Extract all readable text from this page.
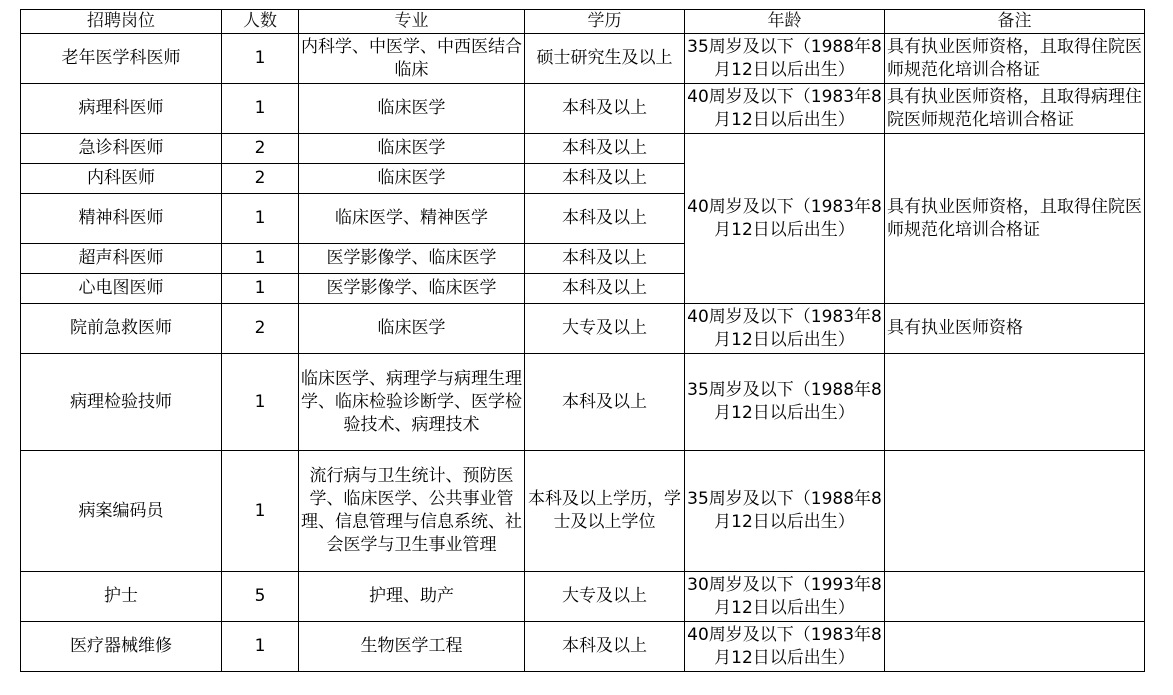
招聘岗位	人数	专业	学历	年龄	备注
老年医学科医师	1	内科学、中医学、中西医结合临床	硕士研究生及以上	35周岁及以下（1988年8月12日以后出生）	具有执业医师资格，且取得住院医师规范化培训合格证
病理科医师	1	临床医学	本科及以上	40周岁及以下（1983年8月12日以后出生）	具有执业医师资格，且取得病理住院医师规范化培训合格证
急诊科医师	2	临床医学	本科及以上	40周岁及以下（1983年8月12日以后出生）	具有执业医师资格，且取得住院医师规范化培训合格证
内科医师	2	临床医学	本科及以上		
精神科医师	1	临床医学、精神医学	本科及以上		
超声科医师	1	医学影像学、临床医学	本科及以上		
心电图医师	1	医学影像学、临床医学	本科及以上		
院前急救医师	2	临床医学	大专及以上	40周岁及以下（1983年8月12日以后出生）	具有执业医师资格
病理检验技师	1	临床医学、病理学与病理生理学、临床检验诊断学、医学检验技术、病理技术	本科及以上	35周岁及以下（1988年8月12日以后出生）	
病案编码员	1	流行病与卫生统计、预防医学、临床医学、公共事业管理、信息管理与信息系统、社会医学与卫生事业管理	本科及以上学历，学士及以上学位	35周岁及以下（1988年8月12日以后出生）	
护士	5	护理、助产	大专及以上	30周岁及以下（1993年8月12日以后出生）	
医疗器械维修	1	生物医学工程	本科及以上	40周岁及以下（1983年8月12日以后出生）	
